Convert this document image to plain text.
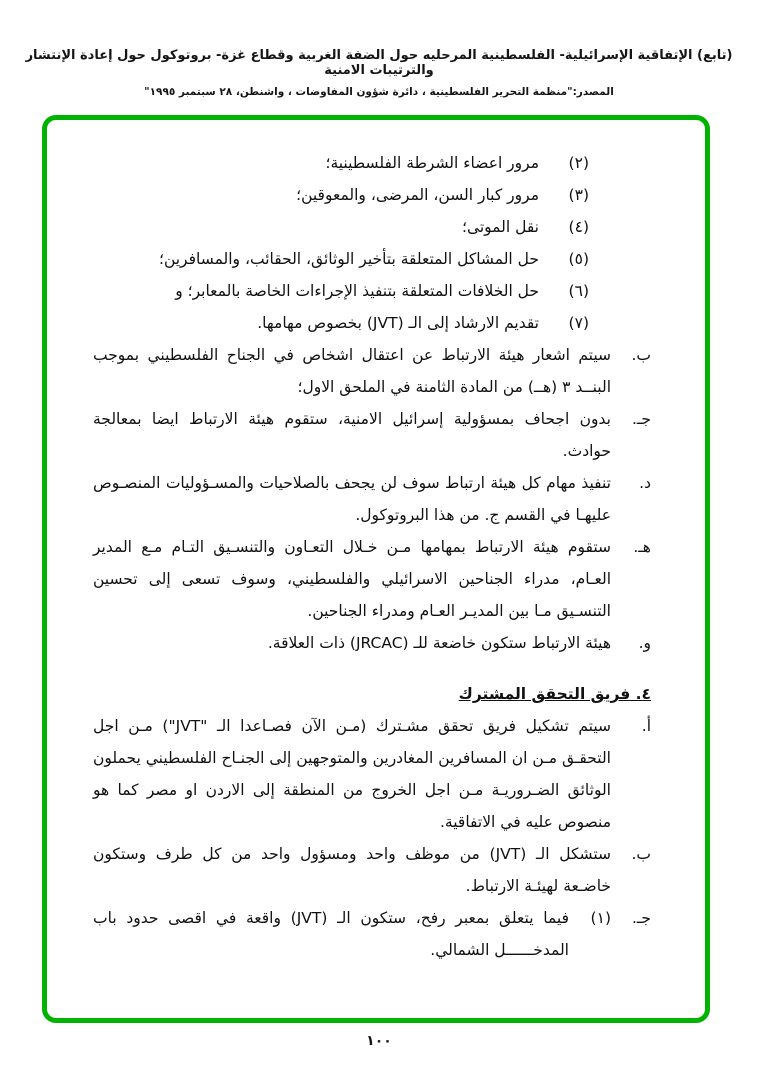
(تابع) الإتفاقية الإسرائيلية- الفلسطينية المرحليه حول الضفة الغربية وقطاع غزة- بروتوكول حول إعادة الإنتشار والترتيبات الامنية
المصدر:"منظمة التحرير الفلسطينية ، دائرة شؤون المفاوضات ، واشنطن، ٢٨ سبتمبر ١٩٩٥"
(٢)
مرور اعضاء الشرطة الفلسطينية؛
(٣)
مرور كبار السن، المرضى، والمعوقين؛
(٤)
نقل الموتى؛
(٥)
حل المشاكل المتعلقة بتأخير الوثائق، الحقائب، والمسافرين؛
(٦)
حل الخلافات المتعلقة بتنفيذ الإجراءات الخاصة بالمعابر؛ و
(٧)
تقديم الارشاد إلى الـ (JVT) بخصوص مهامها.
ب.
سيتم اشعار هيئة الارتباط عن اعتقال اشخاص في الجناح الفلسطيني بموجب البنــد ٣ (هــ) من المادة الثامنة في الملحق الاول؛
جـ.
بدون اجحاف بمسؤولية إسرائيل الامنية، ستقوم هيئة الارتباط ايضا بمعالجة حوادث.
د.
تنفيذ مهام كل هيئة ارتباط سوف لن يجحف بالصلاحيات والمسـؤوليات المنصـوص عليهـا في القسم ج. من هذا البروتوكول.
هـ.
ستقوم هيئة الارتباط بمهامها مـن خـلال التعـاون والتنسـيق التـام مـع المدير العـام، مدراء الجناحين الاسرائيلي والفلسطيني، وسوف تسعى إلى تحسين التنسـيق مـا بين المديـر العـام ومدراء الجناحين.
و.
هيئة الارتباط ستكون خاضعة للـ (JRCAC) ذات العلاقة.
٤. فريق التحقق المشترك
أ.
سيتم تشكيل فريق تحقق مشـترك (مـن الآن فصـاعدا الـ "JVT") مـن اجل التحقـق مـن ان المسافرين المغادرين والمتوجهين إلى الجنـاح الفلسطيني يحملون الوثائق الضـروريـة مـن اجل الخروج من المنطقة إلى الاردن او مصر كما هو منصوص عليه في الاتفاقية.
ب.
ستشكل الـ (JVT) من موظف واحد ومسؤول واحد من كل طرف وستكون خاضـعة لهيئـة الارتباط.
جـ.
(١)
فيما يتعلق بمعبر رفح، ستكون الـ (JVT) واقعة في اقصى حدود باب المدخــــــل الشمالي.
١٠٠
